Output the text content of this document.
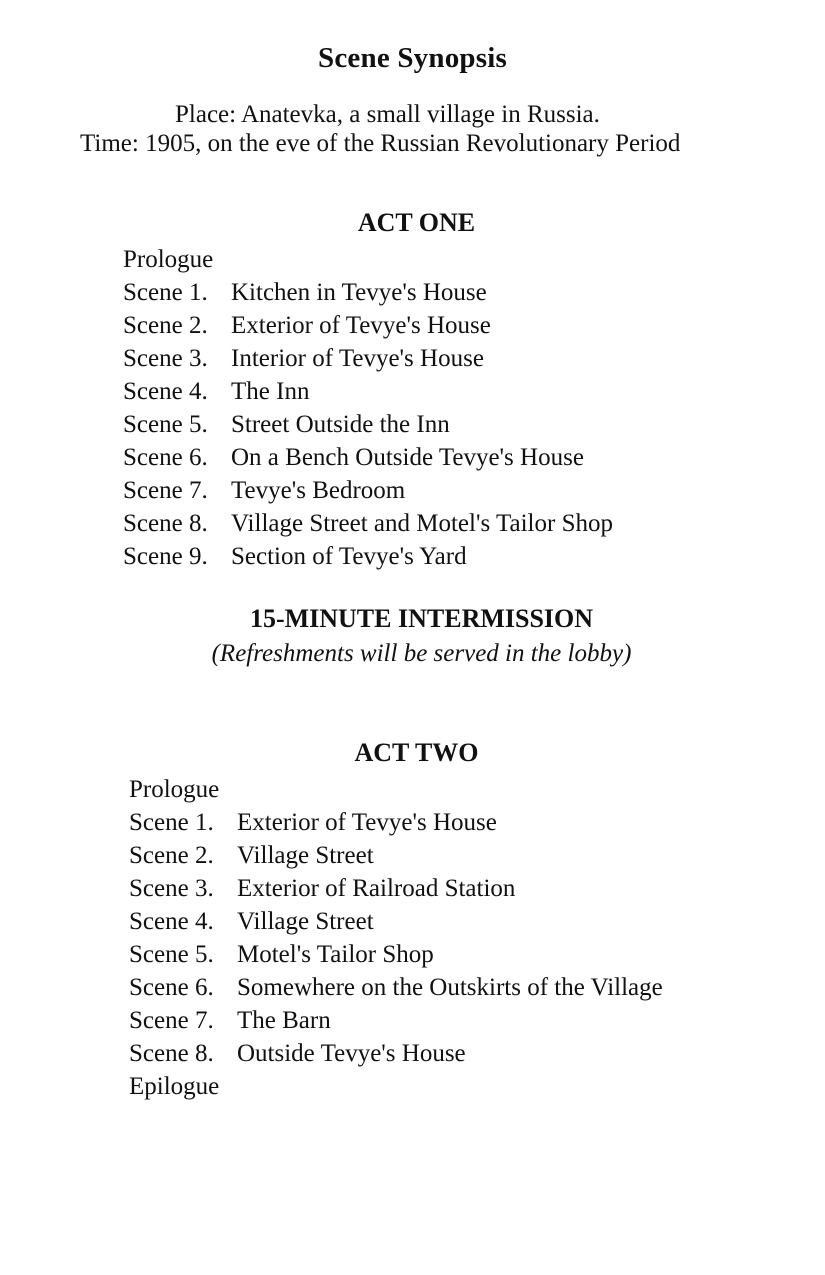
Scene Synopsis
Place: Anatevka, a small village in Russia.
Time: 1905, on the eve of the Russian Revolutionary Period
ACT ONE
Prologue
Scene 1. Kitchen in Tevye's House
Scene 2. Exterior of Tevye's House
Scene 3. Interior of Tevye's House
Scene 4. The Inn
Scene 5. Street Outside the Inn
Scene 6. On a Bench Outside Tevye's House
Scene 7. Tevye's Bedroom
Scene 8. Village Street and Motel's Tailor Shop
Scene 9. Section of Tevye's Yard
15-MINUTE INTERMISSION
(Refreshments will be served in the lobby)
ACT TWO
Prologue
Scene 1. Exterior of Tevye's House
Scene 2. Village Street
Scene 3. Exterior of Railroad Station
Scene 4. Village Street
Scene 5. Motel's Tailor Shop
Scene 6. Somewhere on the Outskirts of the Village
Scene 7. The Barn
Scene 8. Outside Tevye's House
Epilogue
